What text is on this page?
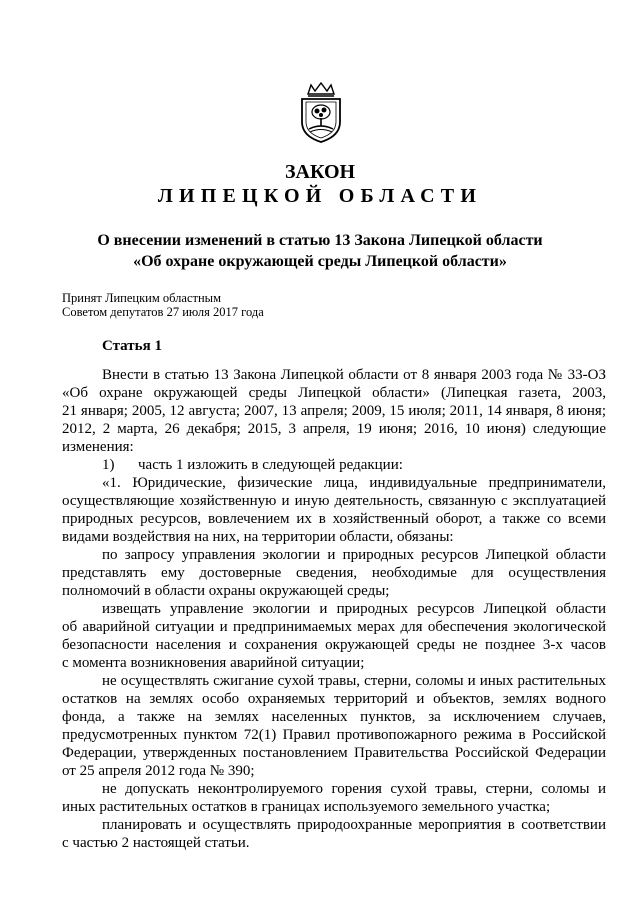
ЗАКОН
ЛИПЕЦКОЙ ОБЛАСТИ
О внесении изменений в статью 13 Закона Липецкой области
«Об охране окружающей среды Липецкой области»
Принят Липецким областным
Советом депутатов 27 июля 2017 года
Статья 1
Внести в статью 13 Закона Липецкой области от 8 января 2003 года № 33-ОЗ
«Об охране окружающей среды Липецкой области» (Липецкая газета, 2003,
21 января; 2005, 12 августа; 2007, 13 апреля; 2009, 15 июля; 2011, 14 января, 8 июня;
2012, 2 марта, 26 декабря; 2015, 3 апреля, 19 июня; 2016, 10 июня) следующие
изменения:
1) часть 1 изложить в следующей редакции:
«1. Юридические, физические лица, индивидуальные предприниматели,
осуществляющие хозяйственную и иную деятельность, связанную с эксплуатацией
природных ресурсов, вовлечением их в хозяйственный оборот, а также со всеми
видами воздействия на них, на территории области, обязаны:
по запросу управления экологии и природных ресурсов Липецкой области
представлять ему достоверные сведения, необходимые для осуществления
полномочий в области охраны окружающей среды;
извещать управление экологии и природных ресурсов Липецкой области
об аварийной ситуации и предпринимаемых мерах для обеспечения экологической
безопасности населения и сохранения окружающей среды не позднее 3-х часов
с момента возникновения аварийной ситуации;
не осуществлять сжигание сухой травы, стерни, соломы и иных растительных
остатков на землях особо охраняемых территорий и объектов, землях водного
фонда, а также на землях населенных пунктов, за исключением случаев,
предусмотренных пунктом 72(1) Правил противопожарного режима в Российской
Федерации, утвержденных постановлением Правительства Российской Федерации
от 25 апреля 2012 года № 390;
не допускать неконтролируемого горения сухой травы, стерни, соломы и
иных растительных остатков в границах используемого земельного участка;
планировать и осуществлять природоохранные мероприятия в соответствии
с частью 2 настоящей статьи.
